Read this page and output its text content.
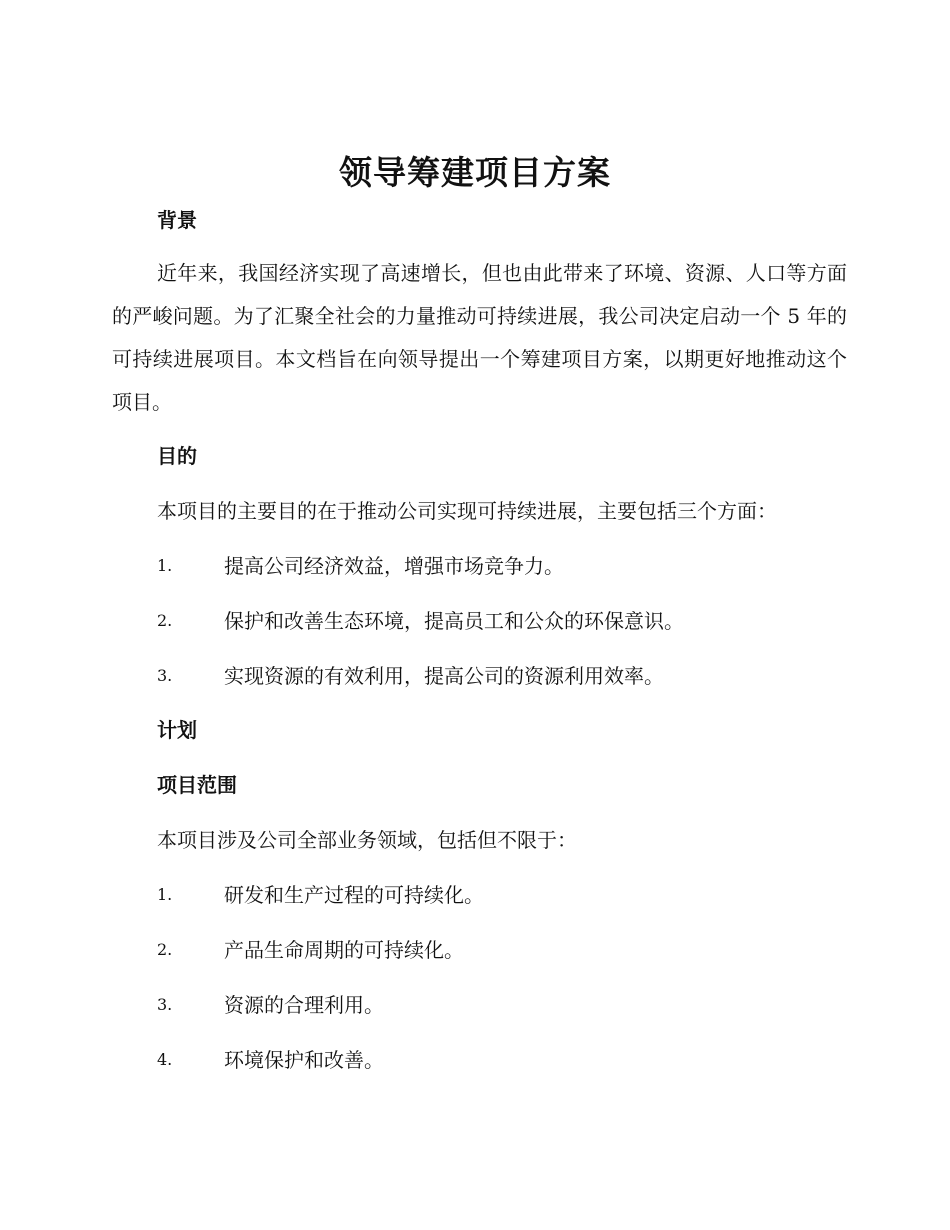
领导筹建项目方案
背景

近年来，我国经济实现了高速增长，但也由此带来了环境、资源、人口等方面的严峻问题。为了汇聚全社会的力量推动可持续进展，我公司决定启动一个 5 年的可持续进展项目。本文档旨在向领导提出一个筹建项目方案，以期更好地推动这个项目。

目的

本项目的主要目的在于推动公司实现可持续进展，主要包括三个方面：

1.	提高公司经济效益，增强市场竞争力。
2.	保护和改善生态环境，提高员工和公众的环保意识。
3.	实现资源的有效利用，提高公司的资源利用效率。
计划
项目范围

本项目涉及公司全部业务领域，包括但不限于：

1.	研发和生产过程的可持续化。
2.	产品生命周期的可持续化。
3.	资源的合理利用。
4.	环境保护和改善。
